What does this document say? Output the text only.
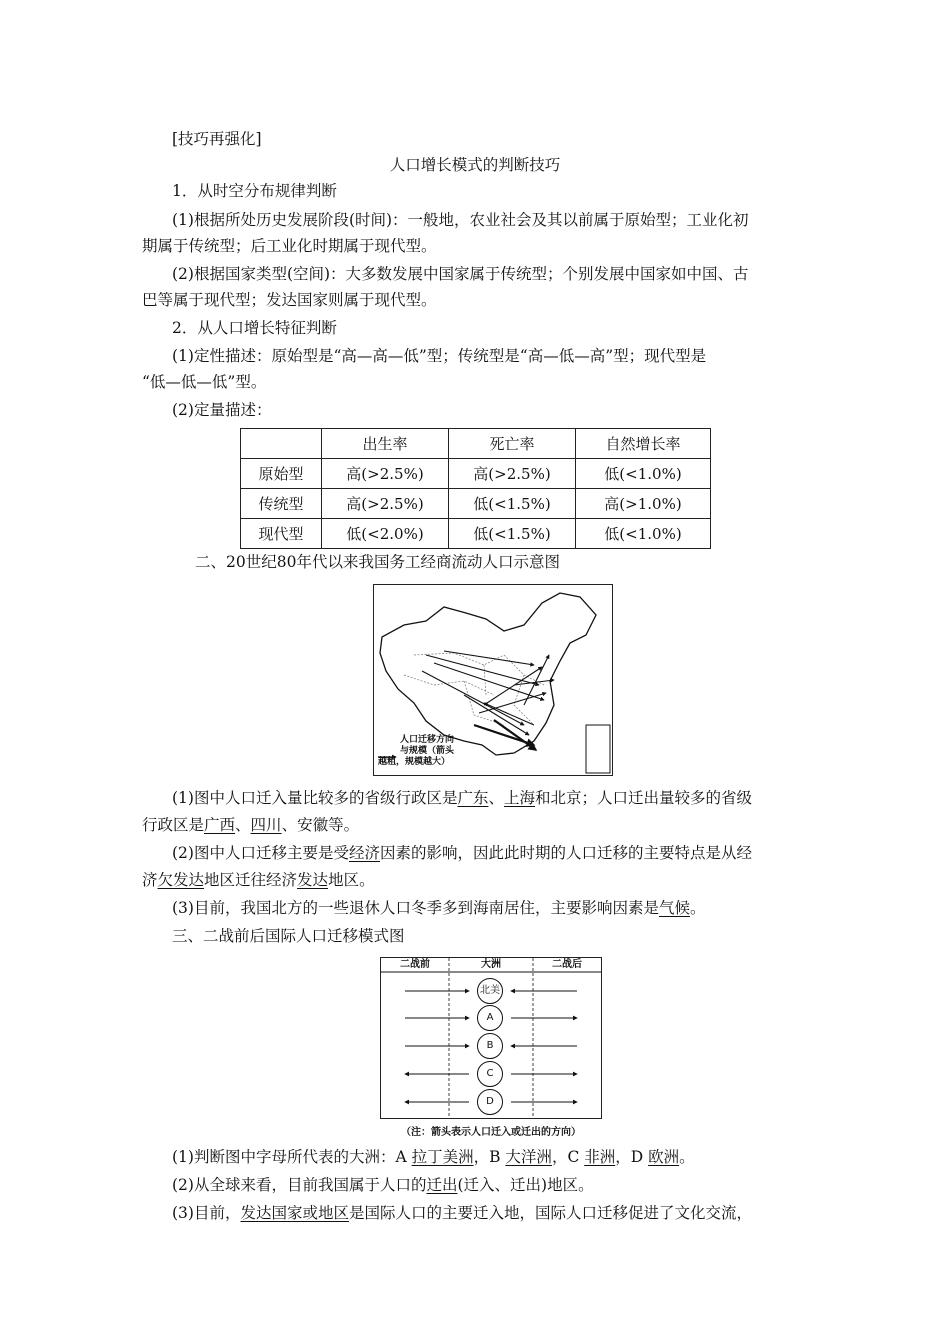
[技巧再强化]
人口增长模式的判断技巧
1．从时空分布规律判断
(1)根据所处历史发展阶段(时间)：一般地，农业社会及其以前属于原始型；工业化初
期属于传统型；后工业化时期属于现代型。
(2)根据国家类型(空间)：大多数发展中国家属于传统型；个别发展中国家如中国、古
巴等属于现代型；发达国家则属于现代型。
2．从人口增长特征判断
(1)定性描述：原始型是“高—高—低”型；传统型是“高—低—高”型；现代型是
“低—低—低”型。
(2)定量描述：
	出生率	死亡率	自然增长率
原始型	高(>2.5%)	高(>2.5%)	低(<1.0%)
传统型	高(>2.5%)	低(<1.5%)	高(>1.0%)
现代型	低(<2.0%)	低(<1.5%)	低(<1.0%)
二、20世纪80年代以来我国务工经商流动人口示意图
人口迁移方向
与规模（箭头
越粗，规模越大）
(1)图中人口迁入量比较多的省级行政区是广东、上海和北京；人口迁出量较多的省级
行政区是广西、四川、安徽等。
(2)图中人口迁移主要是受经济因素的影响，因此此时期的人口迁移的主要特点是从经
济欠发达地区迁往经济发达地区。
(3)目前，我国北方的一些退休人口冬季多到海南居住，主要影响因素是气候。
三、二战前后国际人口迁移模式图
二战前	大洲	二战后
北美
A
B
C
D
（注：箭头表示人口迁入或迁出的方向）
(1)判断图中字母所代表的大洲：A 拉丁美洲，B 大洋洲，C 非洲，D 欧洲。
(2)从全球来看，目前我国属于人口的迁出(迁入、迁出)地区。
(3)目前，发达国家或地区是国际人口的主要迁入地，国际人口迁移促进了文化交流，
